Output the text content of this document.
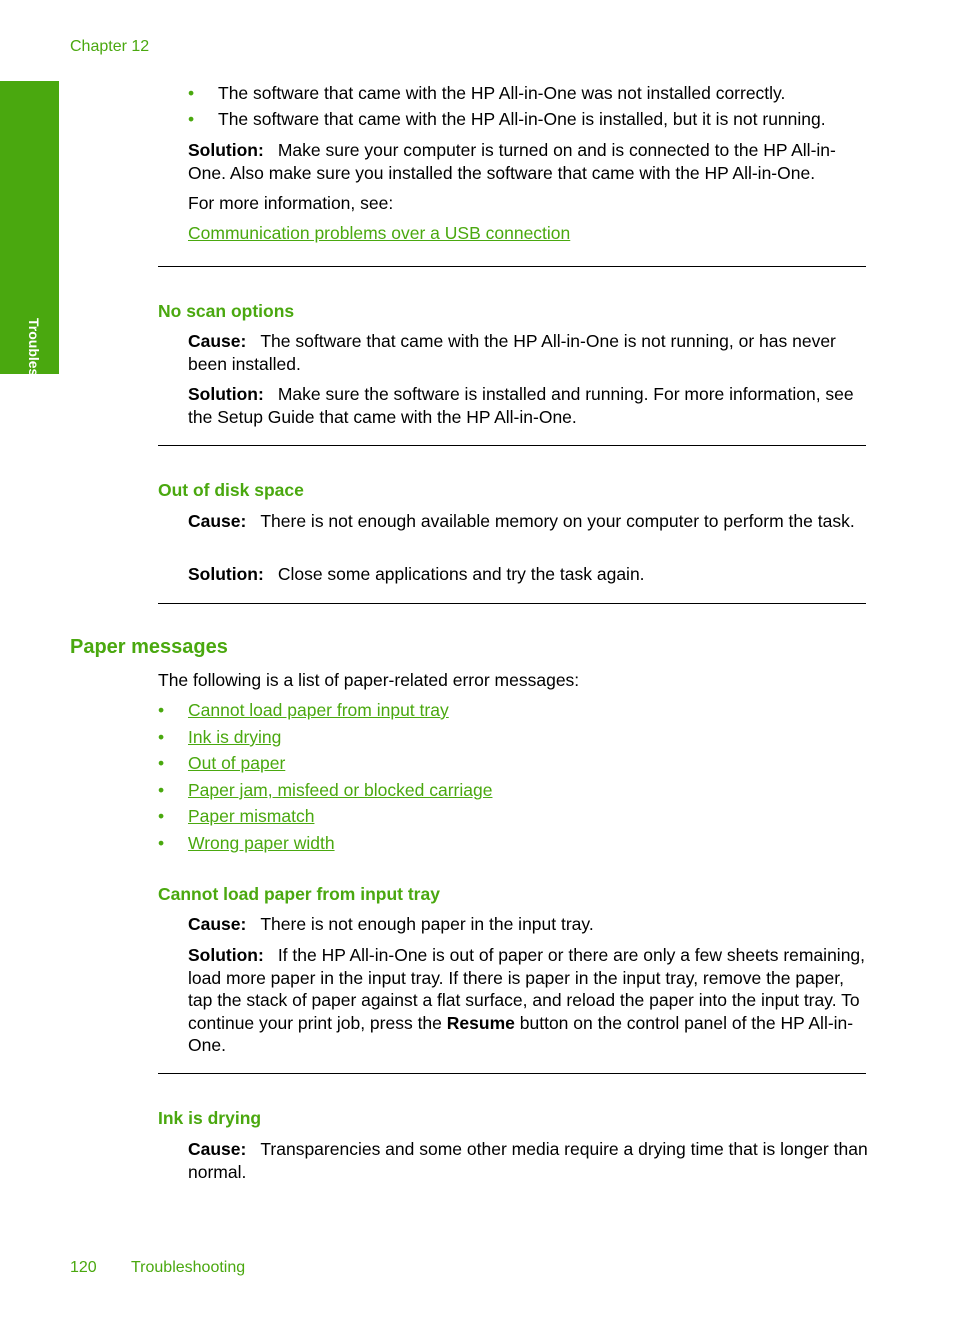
Chapter 12
Troubleshooting
• The software that came with the HP All-in-One was not installed correctly.
• The software that came with the HP All-in-One is installed, but it is not running.
Solution: Make sure your computer is turned on and is connected to the HP All-in-One. Also make sure you installed the software that came with the HP All-in-One.
For more information, see:
Communication problems over a USB connection
No scan options
Cause: The software that came with the HP All-in-One is not running, or has never been installed.
Solution: Make sure the software is installed and running. For more information, see the Setup Guide that came with the HP All-in-One.
Out of disk space
Cause: There is not enough available memory on your computer to perform the task.
Solution: Close some applications and try the task again.
Paper messages
The following is a list of paper-related error messages:
• Cannot load paper from input tray
• Ink is drying
• Out of paper
• Paper jam, misfeed or blocked carriage
• Paper mismatch
• Wrong paper width
Cannot load paper from input tray
Cause: There is not enough paper in the input tray.
Solution: If the HP All-in-One is out of paper or there are only a few sheets remaining, load more paper in the input tray. If there is paper in the input tray, remove the paper, tap the stack of paper against a flat surface, and reload the paper into the input tray. To continue your print job, press the Resume button on the control panel of the HP All-in-One.
Ink is drying
Cause: Transparencies and some other media require a drying time that is longer than normal.
120 Troubleshooting
